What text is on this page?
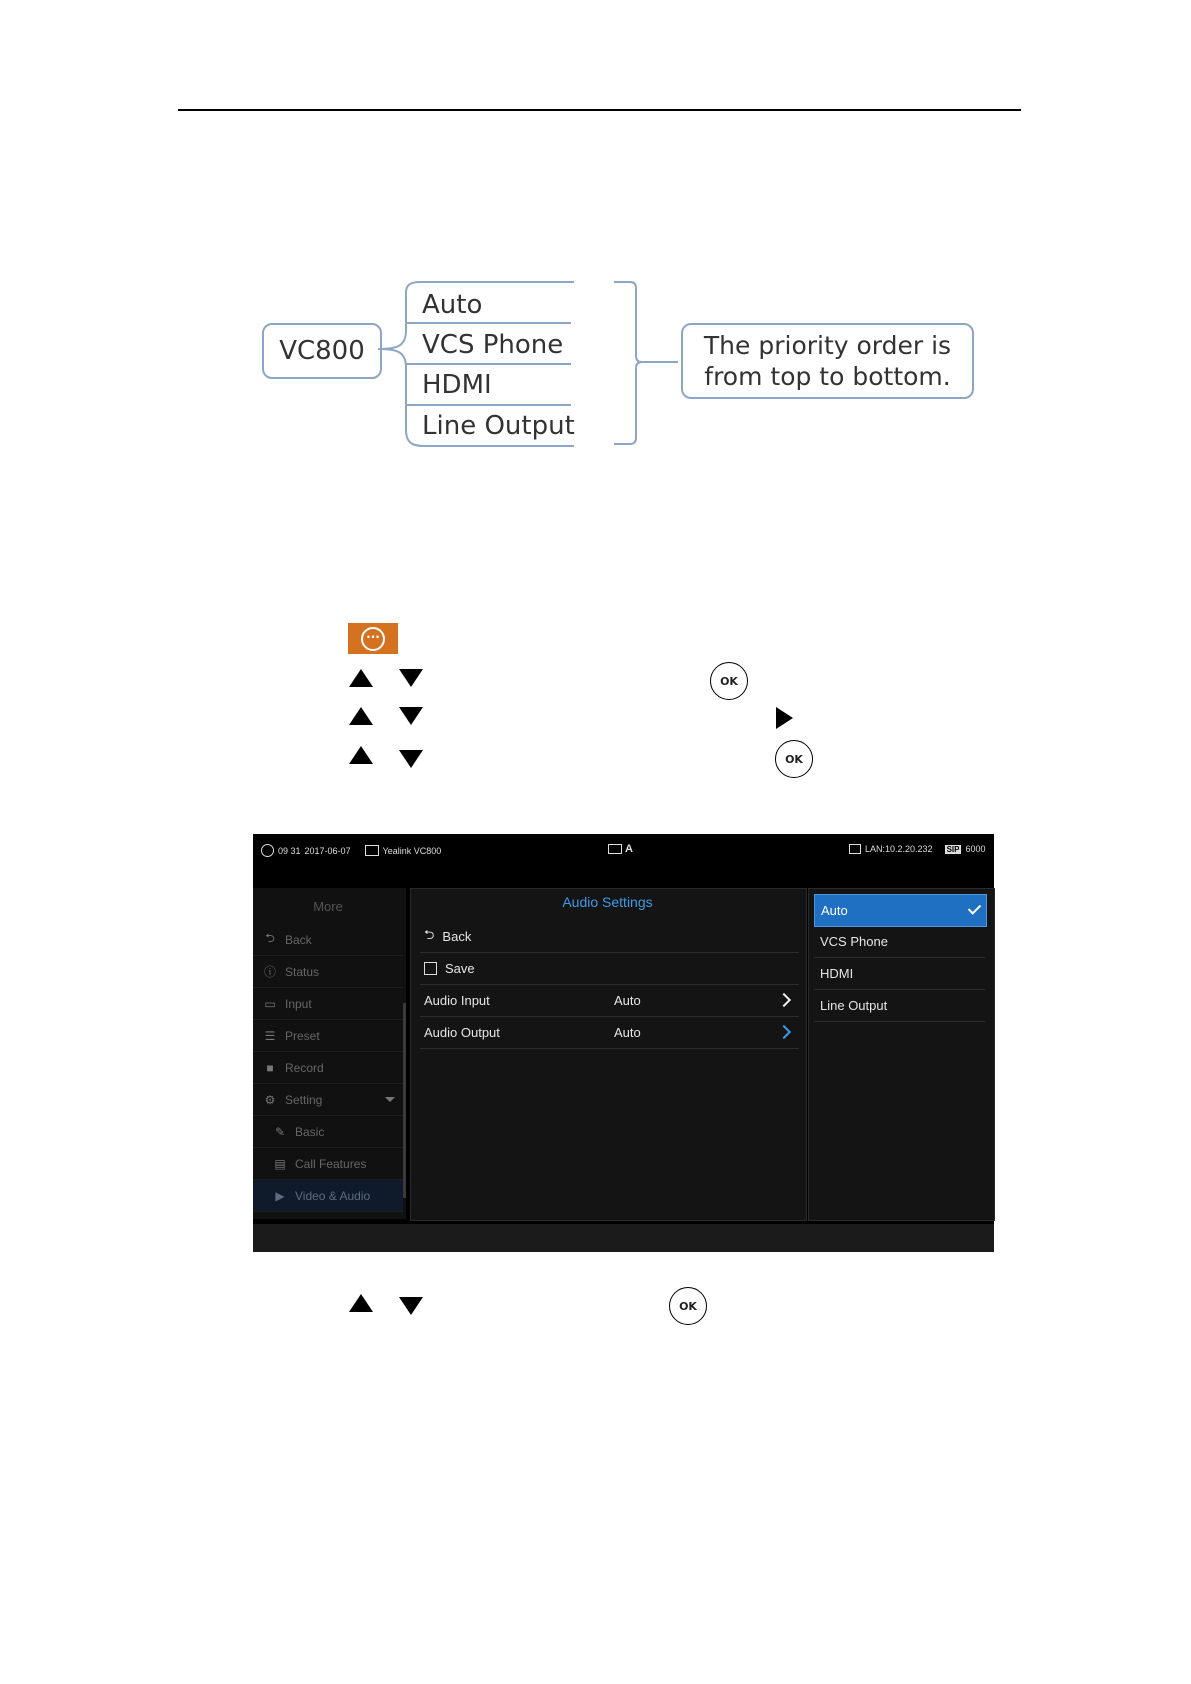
VC800
Auto
VCS Phone
HDMI
Line Output
The priority order is
from top to bottom.
···
OK
OK
OK
09 31 2017-06-07	Yealink VC800	A	LAN:10.2.20.232 SIP 6000
More
⮌ Back
ⓘ Status
▭ Input
☰ Preset
■ Record
⚙ Setting
✎ Basic
▤ Call Features
▶ Video & Audio
Audio Settings
⮌ Back
Save
Audio Input	Auto
Audio Output	Auto
Auto
VCS Phone
HDMI
Line Output
